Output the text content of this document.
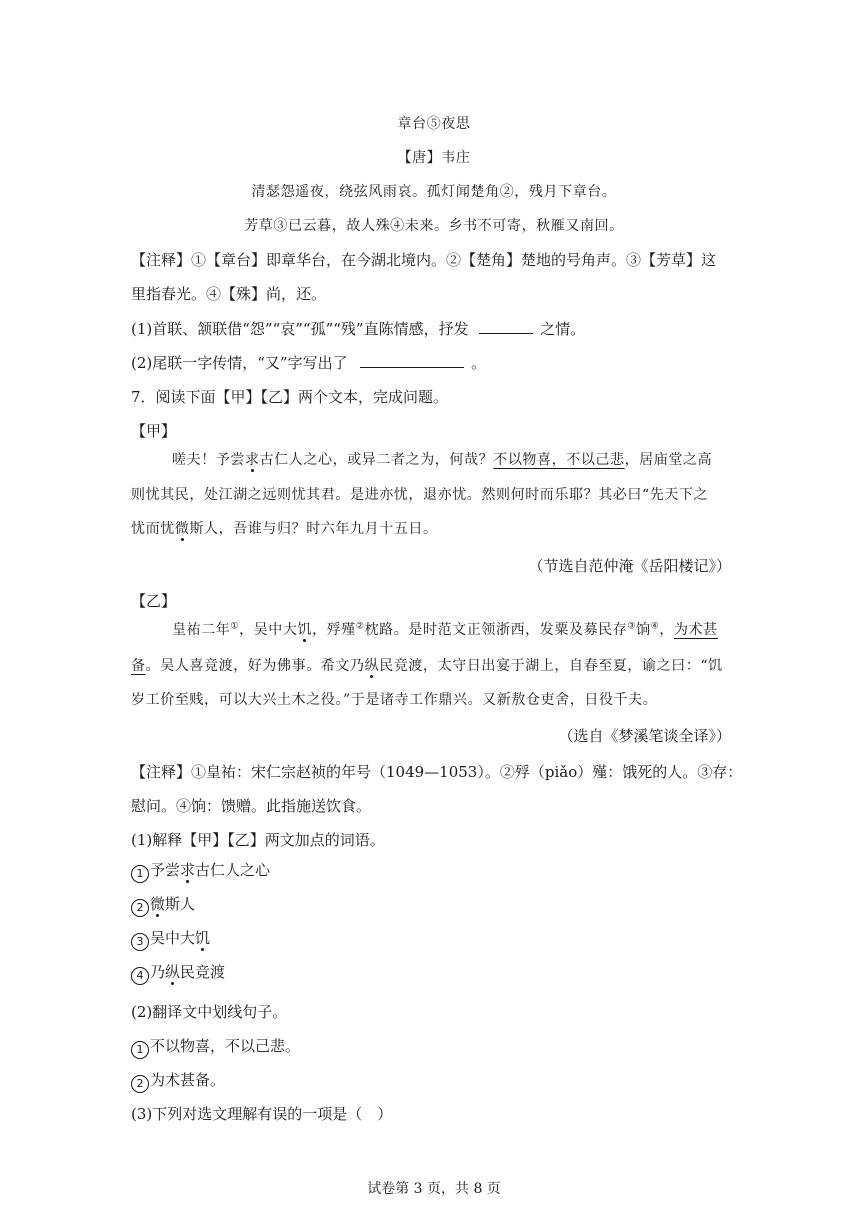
章台⑤夜思
【唐】韦庄
清瑟怨遥夜，绕弦风雨哀。孤灯闻楚角②，残月下章台。
芳草③已云暮，故人殊④未来。乡书不可寄，秋雁又南回。
【注释】①【章台】即章华台，在今湖北境内。②【楚角】楚地的号角声。③【芳草】这
里指春光。④【殊】尚，还。
(1)首联、颔联借“怨”“哀”“孤”“残”直陈情感，抒发	之情。
(2)尾联一字传情，“又”字写出了	。
7．阅读下面【甲】【乙】两个文本，完成问题。
【甲】
嗟夫！予尝求古仁人之心，或异二者之为，何哉？不以物喜，不以己悲，居庙堂之高
则忧其民，处江湖之远则忧其君。是进亦忧，退亦忧。然则何时而乐耶？其必曰“先天下之
忧而忧微斯人，吾谁与归？时六年九月十五日。
（节选自范仲淹《岳阳楼记》）
【乙】
皇祐二年①，吴中大饥，殍殣②枕路。是时范文正领浙西，发粟及募民存③饷④，为术甚
备。吴人喜竞渡，好为佛事。希文乃纵民竞渡，太守日出宴于湖上，自春至夏，谕之曰：“饥
岁工价至贱，可以大兴土木之役。”于是诸寺工作鼎兴。又新敖仓吏舍，日役千夫。
（选自《梦溪笔谈全译》）
【注释】①皇祐：宋仁宗赵祯的年号（1049—1053）。②殍（piǎo）殣：饿死的人。③存：
慰问。④饷：馈赠。此指施送饮食。
(1)解释【甲】【乙】两文加点的词语。
1 予尝求古仁人之心
2 微斯人
3 吴中大饥
4 乃纵民竞渡
(2)翻译文中划线句子。
1 不以物喜，不以己悲。
2 为术甚备。
(3)下列对选文理解有误的一项是（　）
试卷第 3 页，共 8 页
